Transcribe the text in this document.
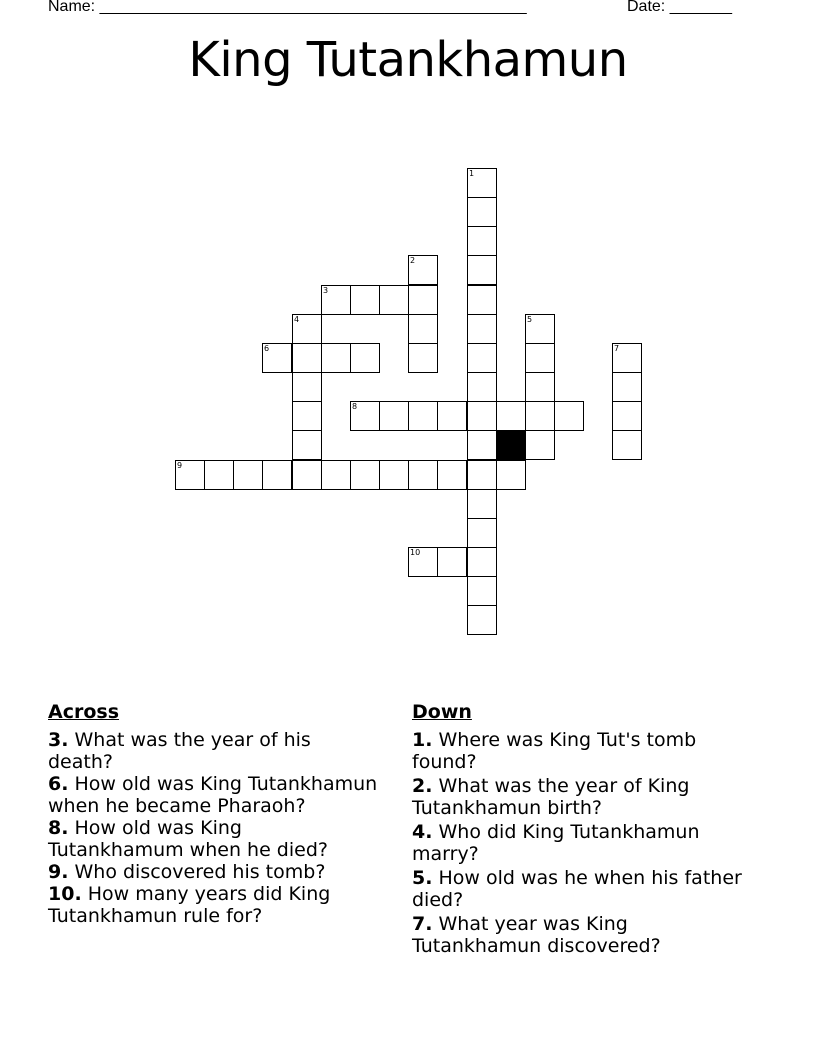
Name: ________________________________________________	Date: _______
King Tutankhamun
1
2
3
4	5
6	7
8
9
10
Across
3. What was the year of his death?
6. How old was King Tutankhamun when he became Pharaoh?
8. How old was King Tutankhamum when he died?
9. Who discovered his tomb?
10. How many years did King Tutankhamun rule for?
Down
1. Where was King Tut's tomb found?
2. What was the year of King Tutankhamun birth?
4. Who did King Tutankhamun marry?
5. How old was he when his father died?
7. What year was King Tutankhamun discovered?
